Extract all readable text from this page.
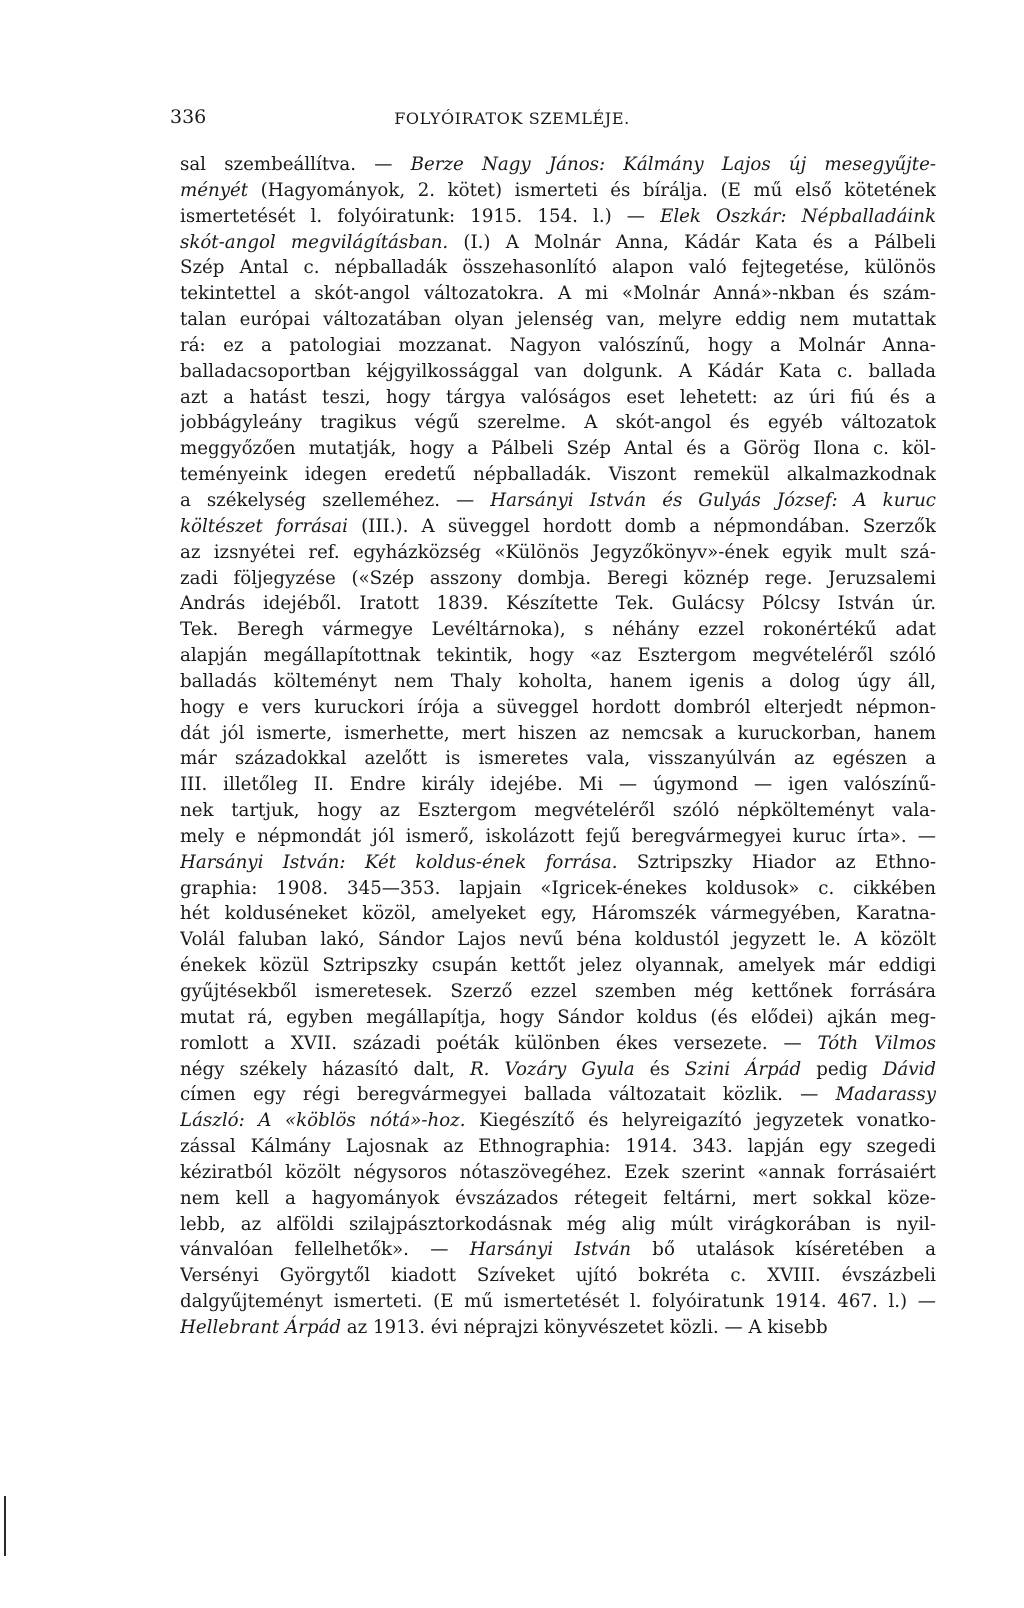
336	FOLYÓIRATOK SZEMLÉJE.
sal szembeállítva. — Berze Nagy János: Kálmány Lajos új mesegyűjte-
ményét (Hagyományok, 2. kötet) ismerteti és bírálja. (E mű első kötetének
ismertetését l. folyóiratunk: 1915. 154. l.) — Elek Oszkár: Népballadáink
skót-angol megvilágításban. (I.) A Molnár Anna, Kádár Kata és a Pálbeli
Szép Antal c. népballadák összehasonlító alapon való fejtegetése, különös
tekintettel a skót-angol változatokra. A mi «Molnár Anná»-nkban és szám-
talan európai változatában olyan jelenség van, melyre eddig nem mutattak
rá: ez a patologiai mozzanat. Nagyon valószínű, hogy a Molnár Anna-
balladacsoportban kéjgyilkossággal van dolgunk. A Kádár Kata c. ballada
azt a hatást teszi, hogy tárgya valóságos eset lehetett: az úri fiú és a
jobbágyleány tragikus végű szerelme. A skót-angol és egyéb változatok
meggyőzően mutatják, hogy a Pálbeli Szép Antal és a Görög Ilona c. köl-
teményeink idegen eredetű népballadák. Viszont remekül alkalmazkodnak
a székelység szelleméhez. — Harsányi István és Gulyás József: A kuruc
költészet forrásai (III.). A süveggel hordott domb a népmondában. Szerzők
az izsnyétei ref. egyházközség «Különös Jegyzőkönyv»-ének egyik mult szá-
zadi följegyzése («Szép asszony dombja. Beregi köznép rege. Jeruzsalemi
András idejéből. Iratott 1839. Készítette Tek. Gulácsy Pólcsy István úr.
Tek. Beregh vármegye Levéltárnoka), s néhány ezzel rokonértékű adat
alapján megállapítottnak tekintik, hogy «az Esztergom megvételéről szóló
balladás költeményt nem Thaly koholta, hanem igenis a dolog úgy áll,
hogy e vers kuruckori írója a süveggel hordott dombról elterjedt népmon-
dát jól ismerte, ismerhette, mert hiszen az nemcsak a kuruckorban, hanem
már századokkal azelőtt is ismeretes vala, visszanyúlván az egészen a
III. illetőleg II. Endre király idejébe. Mi — úgymond — igen valószínű-
nek tartjuk, hogy az Esztergom megvételéről szóló népkölteményt vala-
mely e népmondát jól ismerő, iskolázott fejű beregvármegyei kuruc írta». —
Harsányi István: Két koldus-ének forrása. Sztripszky Hiador az Ethno-
graphia: 1908. 345—353. lapjain «Igricek-énekes koldusok» c. cikkében
hét kolduséneket közöl, amelyeket egy, Háromszék vármegyében, Karatna-
Volál faluban lakó, Sándor Lajos nevű béna koldustól jegyzett le. A közölt
énekek közül Sztripszky csupán kettőt jelez olyannak, amelyek már eddigi
gyűjtésekből ismeretesek. Szerző ezzel szemben még kettőnek forrására
mutat rá, egyben megállapítja, hogy Sándor koldus (és elődei) ajkán meg-
romlott a XVII. századi poéták különben ékes versezete. — Tóth Vilmos
négy székely házasító dalt, R. Vozáry Gyula és Szini Árpád pedig Dávid
címen egy régi beregvármegyei ballada változatait közlik. — Madarassy
László: A «köblös nótá»-hoz. Kiegészítő és helyreigazító jegyzetek vonatko-
zással Kálmány Lajosnak az Ethnographia: 1914. 343. lapján egy szegedi
kéziratból közölt négysoros nótaszövegéhez. Ezek szerint «annak forrásaiért
nem kell a hagyományok évszázados rétegeit feltárni, mert sokkal köze-
lebb, az alföldi szilajpásztorkodásnak még alig múlt virágkorában is nyil-
vánvalóan fellelhetők». — Harsányi István bő utalások kíséretében a
Versényi Györgytől kiadott Szíveket ujító bokréta c. XVIII. évszázbeli
dalgyűjteményt ismerteti. (E mű ismertetését l. folyóiratunk 1914. 467. l.) —
Hellebrant Árpád az 1913. évi néprajzi könyvészetet közli. — A kisebb
